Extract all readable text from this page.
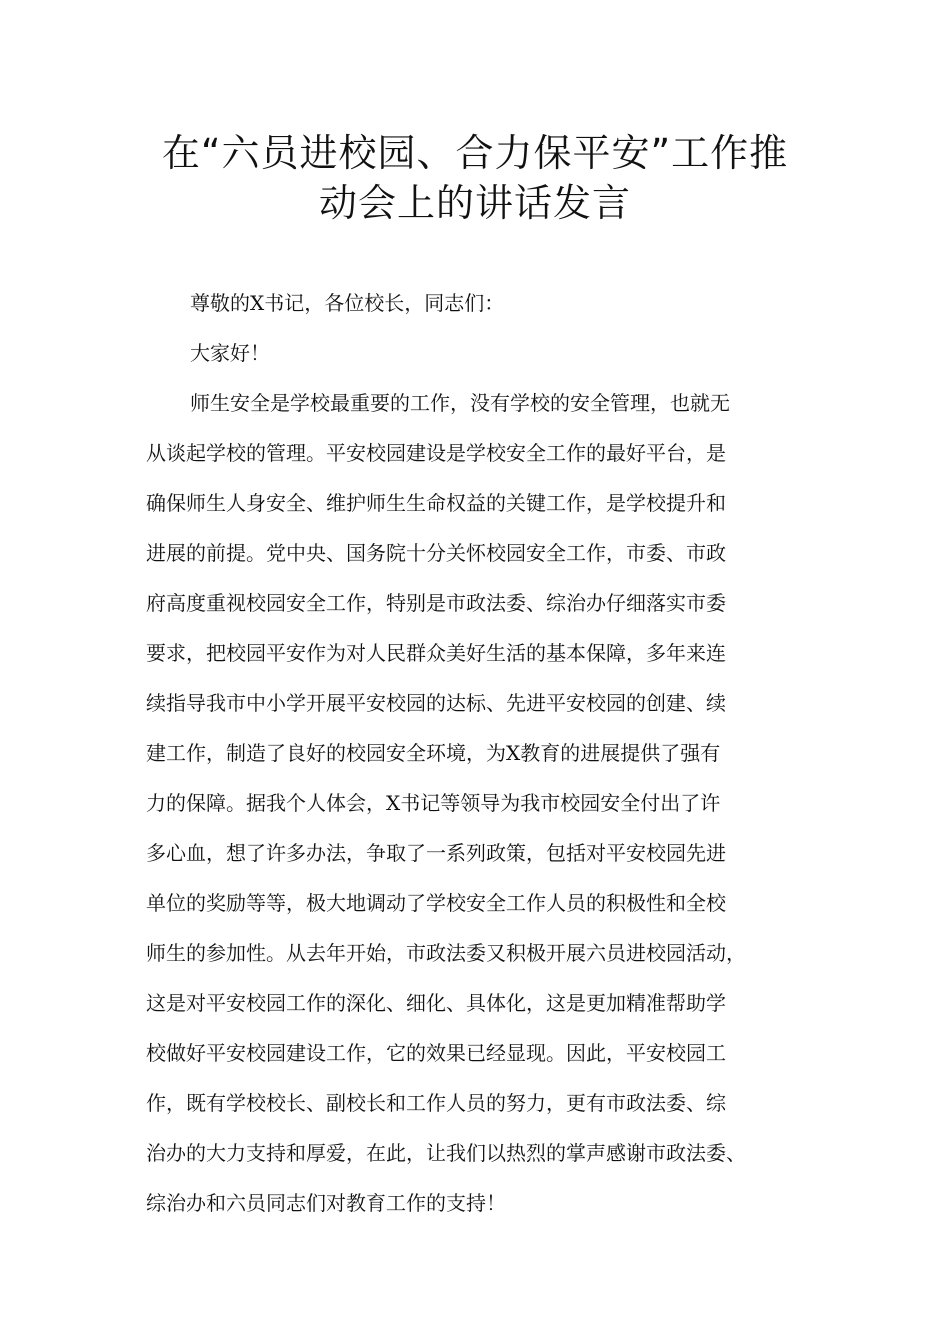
在“六员进校园、合力保平安”工作推
动会上的讲话发言

尊敬的X书记，各位校长，同志们：

大家好！

师生安全是学校最重要的工作，没有学校的安全管理，也就无

从谈起学校的管理。平安校园建设是学校安全工作的最好平台，是

确保师生人身安全、维护师生生命权益的关键工作，是学校提升和

进展的前提。党中央、国务院十分关怀校园安全工作，市委、市政

府高度重视校园安全工作，特别是市政法委、综治办仔细落实市委

要求，把校园平安作为对人民群众美好生活的基本保障，多年来连

续指导我市中小学开展平安校园的达标、先进平安校园的创建、续

建工作，制造了良好的校园安全环境，为X教育的进展提供了强有

力的保障。据我个人体会，X书记等领导为我市校园安全付出了许

多心血，想了许多办法，争取了一系列政策，包括对平安校园先进

单位的奖励等等，极大地调动了学校安全工作人员的积极性和全校

师生的参加性。从去年开始，市政法委又积极开展六员进校园活动，

这是对平安校园工作的深化、细化、具体化，这是更加精准帮助学

校做好平安校园建设工作，它的效果已经显现。因此，平安校园工

作，既有学校校长、副校长和工作人员的努力，更有市政法委、综

治办的大力支持和厚爱，在此，让我们以热烈的掌声感谢市政法委、

综治办和六员同志们对教育工作的支持！
